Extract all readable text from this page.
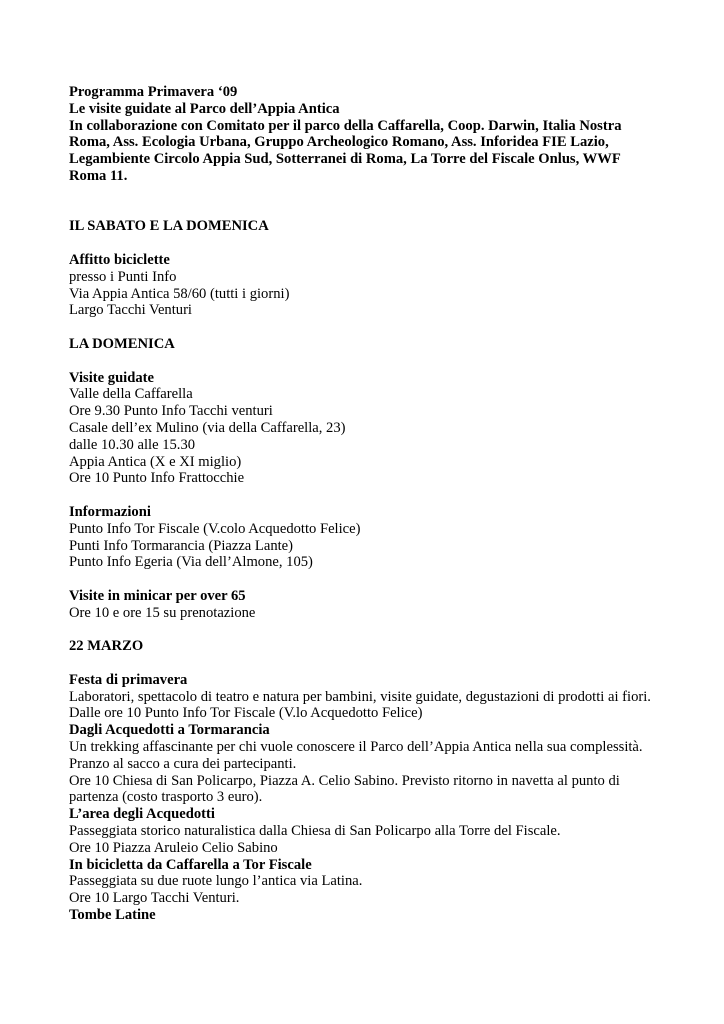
Programma Primavera ‘09
Le visite guidate al Parco dell’Appia Antica
In collaborazione con Comitato per il parco della Caffarella, Coop. Darwin, Italia Nostra
Roma, Ass. Ecologia Urbana, Gruppo Archeologico Romano, Ass. Inforidea FIE Lazio,
Legambiente Circolo Appia Sud, Sotterranei di Roma, La Torre del Fiscale Onlus, WWF
Roma 11.
IL SABATO E LA DOMENICA
Affitto biciclette
presso i Punti Info
Via Appia Antica 58/60 (tutti i giorni)
Largo Tacchi Venturi
LA DOMENICA
Visite guidate
Valle della Caffarella
Ore 9.30 Punto Info Tacchi venturi
Casale dell’ex Mulino (via della Caffarella, 23)
dalle 10.30 alle 15.30
Appia Antica (X e XI miglio)
Ore 10 Punto Info Frattocchie
Informazioni
Punto Info Tor Fiscale (V.colo Acquedotto Felice)
Punti Info Tormarancia (Piazza Lante)
Punto Info Egeria (Via dell’Almone, 105)
Visite in minicar per over 65
Ore 10 e ore 15 su prenotazione
22 MARZO
Festa di primavera
Laboratori, spettacolo di teatro e natura per bambini, visite guidate, degustazioni di prodotti ai fiori.
Dalle ore 10 Punto Info Tor Fiscale (V.lo Acquedotto Felice)
Dagli Acquedotti a Tormarancia
Un trekking affascinante per chi vuole conoscere il Parco dell’Appia Antica nella sua complessità.
Pranzo al sacco a cura dei partecipanti.
Ore 10 Chiesa di San Policarpo, Piazza A. Celio Sabino. Previsto ritorno in navetta al punto di
partenza (costo trasporto 3 euro).
L’area degli Acquedotti
Passeggiata storico naturalistica dalla Chiesa di San Policarpo alla Torre del Fiscale.
Ore 10 Piazza Aruleio Celio Sabino
In bicicletta da Caffarella a Tor Fiscale
Passeggiata su due ruote lungo l’antica via Latina.
Ore 10 Largo Tacchi Venturi.
Tombe Latine
